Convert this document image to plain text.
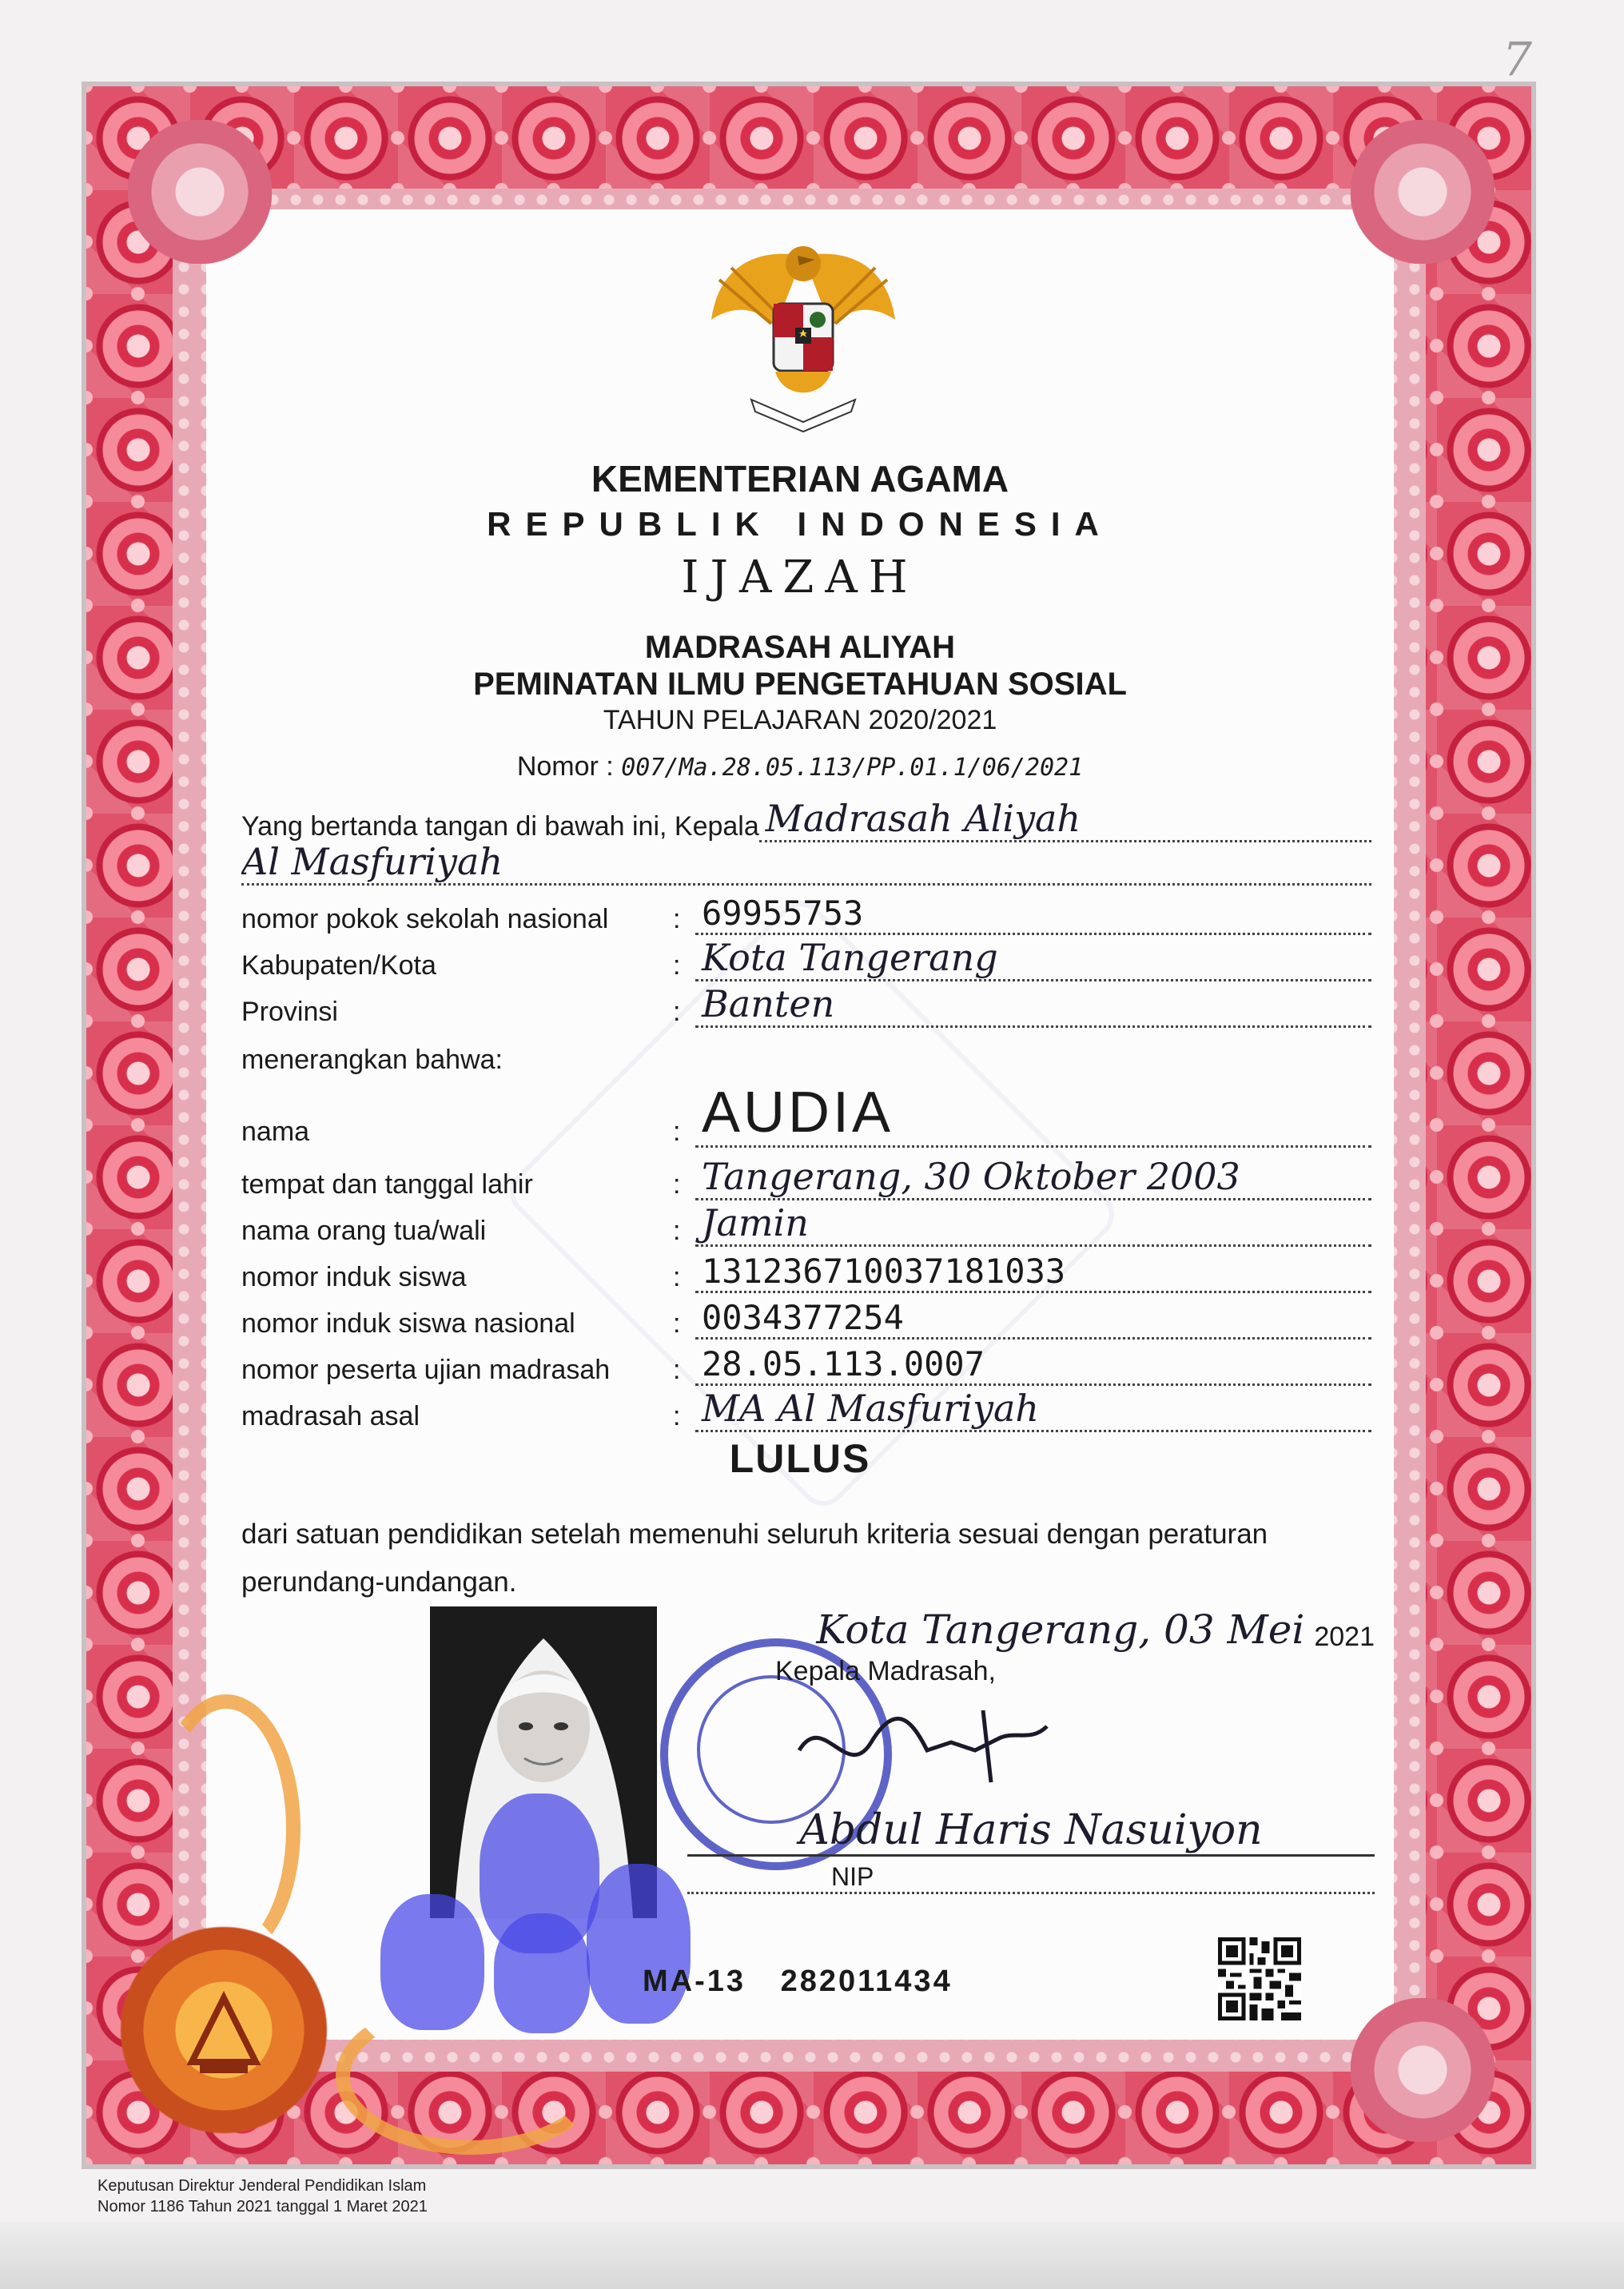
7
KEMENTERIAN AGAMA
REPUBLIK INDONESIA
IJAZAH
MADRASAH ALIYAH
PEMINATAN ILMU PENGETAHUAN SOSIAL
TAHUN PELAJARAN 2020/2021
Nomor : 007/Ma.28.05.113/PP.01.1/06/2021
Yang bertanda tangan di bawah ini, Kepala Madrasah Aliyah
Al Masfuriyah
nomor pokok sekolah nasional	: 69955753
Kabupaten/Kota	: Kota Tangerang
Provinsi	: Banten
menerangkan bahwa:
nama	: AUDIA
tempat dan tanggal lahir	: Tangerang, 30 Oktober 2003
nama orang tua/wali	: Jamin
nomor induk siswa	: 131236710037181033
nomor induk siswa nasional	: 0034377254
nomor peserta ujian madrasah	: 28.05.113.0007
madrasah asal	: MA Al Masfuriyah
LULUS
dari satuan pendidikan setelah memenuhi seluruh kriteria sesuai dengan peraturan
perundang-undangan.
Kota Tangerang, 03 Mei 2021
Kepala Madrasah,
Abdul Haris Nasuiyon
NIP
MA-13 282011434
Keputusan Direktur Jenderal Pendidikan Islam
Nomor 1186 Tahun 2021 tanggal 1 Maret 2021
